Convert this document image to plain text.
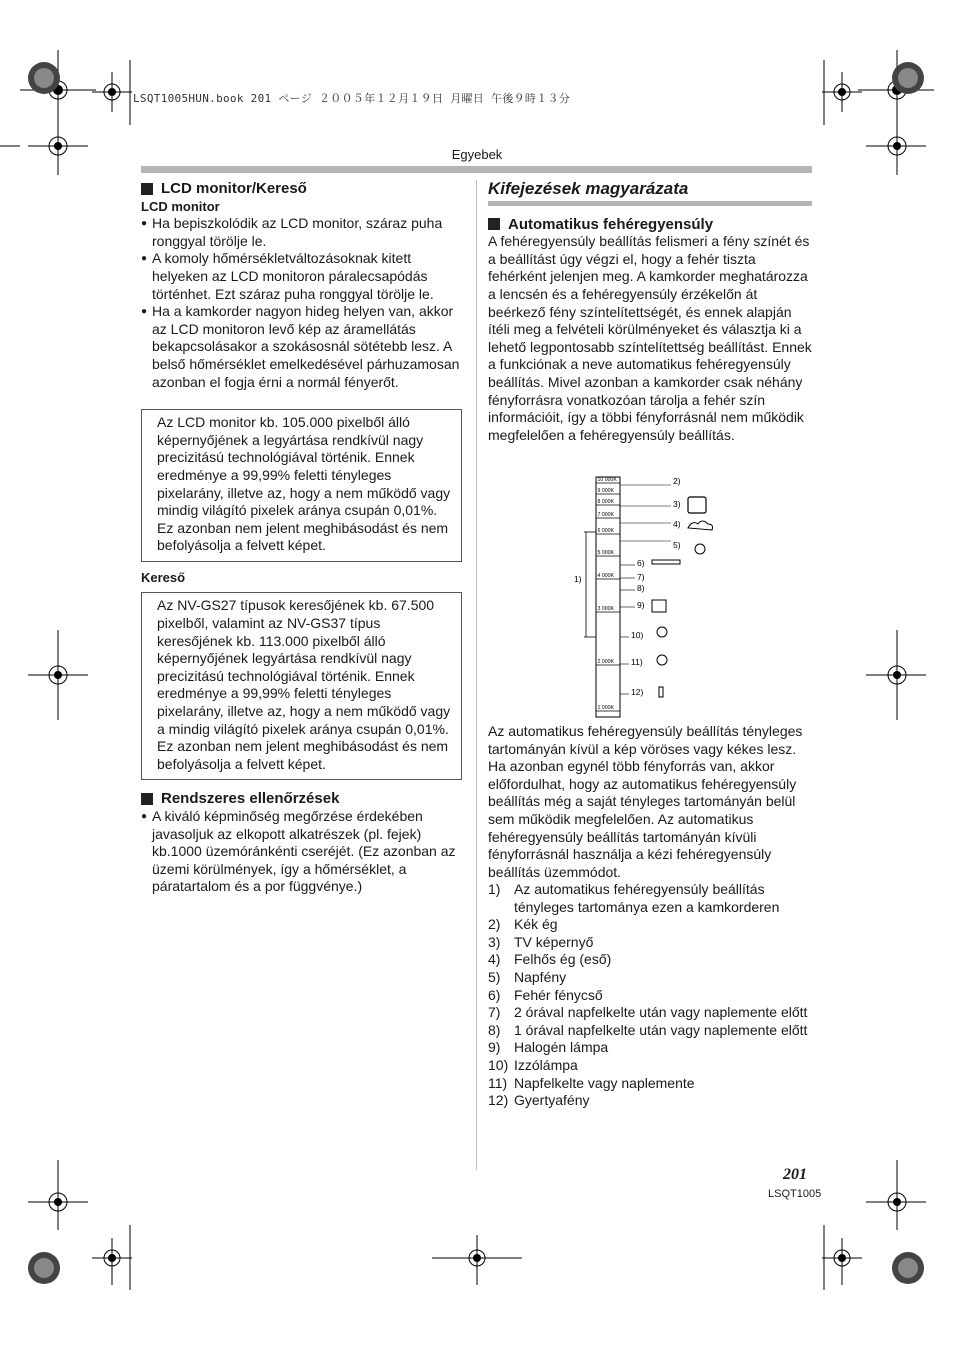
LSQT1005HUN.book 201 ページ ２００５年１２月１９日 月曜日 午後９時１３分
Egyebek
LCD monitor/Kereső
LCD monitor
● Ha bepiszkolódik az LCD monitor, száraz puha ronggyal törölje le.
● A komoly hőmérsékletváltozásoknak kitett helyeken az LCD monitoron páralecsapódás történhet. Ezt száraz puha ronggyal törölje le.
● Ha a kamkorder nagyon hideg helyen van, akkor az LCD monitoron levő kép az áramellátás bekapcsolásakor a szokásosnál sötétebb lesz. A belső hőmérséklet emelkedésével párhuzamosan azonban el fogja érni a normál fényerőt.
Az LCD monitor kb. 105.000 pixelből álló képernyőjének a legyártása rendkívül nagy precizitású technológiával történik. Ennek eredménye a 99,99% feletti tényleges pixelarány, illetve az, hogy a nem működő vagy mindig világító pixelek aránya csupán 0,01%. Ez azonban nem jelent meghibásodást és nem befolyásolja a felvett képet.
Kereső
Az NV-GS27 típusok keresőjének kb. 67.500 pixelből, valamint az NV-GS37 típus keresőjének kb. 113.000 pixelből álló képernyőjének legyártása rendkívül nagy precizitású technológiával történik. Ennek eredménye a 99,99% feletti tényleges pixelarány, illetve az, hogy a nem működő vagy a mindig világító pixelek aránya csupán 0,01%. Ez azonban nem jelent meghibásodást és nem befolyásolja a felvett képet.
Rendszeres ellenőrzések
● A kiváló képminőség megőrzése érdekében javasoljuk az elkopott alkatrészek (pl. fejek) kb.1000 üzemóránkénti cseréjét. (Ez azonban az üzemi körülmények, így a hőmérséklet, a páratartalom és a por függvénye.)
Kifejezések magyarázata
Automatikus fehéregyensúly
A fehéregyensúly beállítás felismeri a fény színét és a beállítást úgy végzi el, hogy a fehér tiszta fehérként jelenjen meg. A kamkorder meghatározza a lencsén és a fehéregyensúly érzékelőn át beérkező fény színtelítettségét, és ennek alapján ítéli meg a felvételi körülményeket és választja ki a lehető legpontosabb színtelítettség beállítást. Ennek a funkciónak a neve automatikus fehéregyensúly beállítás. Mivel azonban a kamkorder csak néhány fényforrásra vonatkozóan tárolja a fehér szín információit, így a többi fényforrásnál nem működik megfelelően a fehéregyensúly beállítás.
10 000K
9 000K
8 000K
7 000K
6 000K
5 000K
4 000K
3 000K
2 000K
1 000K
1)
2)
3)
4)
5)
6)
7)
8)
9)
10)
11)
12)
Az automatikus fehéregyensúly beállítás tényleges tartományán kívül a kép vöröses vagy kékes lesz. Ha azonban egynél több fényforrás van, akkor előfordulhat, hogy az automatikus fehéregyensúly beállítás még a saját tényleges tartományán belül sem működik megfelelően. Az automatikus fehéregyensúly beállítás tartományán kívüli fényforrásnál használja a kézi fehéregyensúly beállítás üzemmódot.
1) Az automatikus fehéregyensúly beállítás tényleges tartománya ezen a kamkorderen
2) Kék ég
3) TV képernyő
4) Felhős ég (eső)
5) Napfény
6) Fehér fénycső
7) 2 órával napfelkelte után vagy naplemente előtt
8) 1 órával napfelkelte után vagy naplemente előtt
9) Halogén lámpa
10) Izzólámpa
11) Napfelkelte vagy naplemente
12) Gyertyafény
201
LSQT1005
